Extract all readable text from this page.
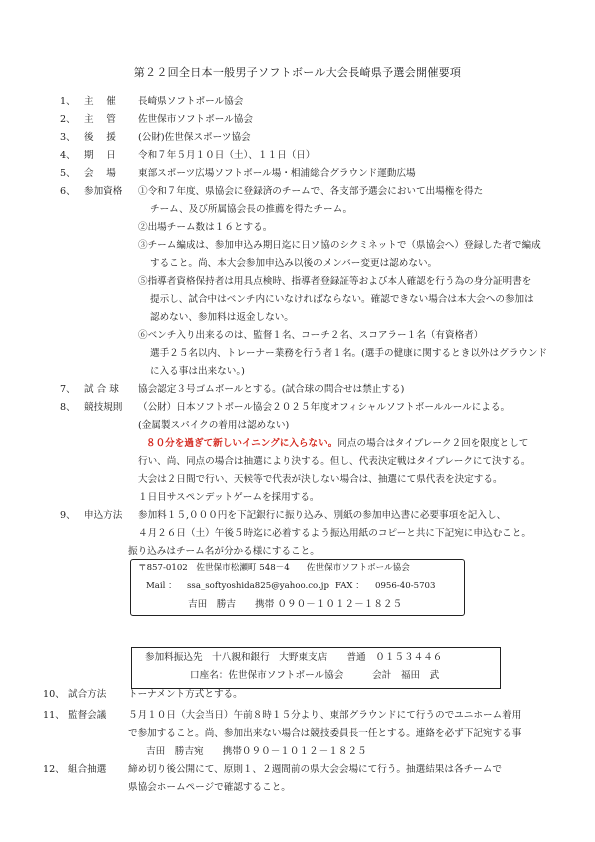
第２２回全日本一般男子ソフトボール大会長崎県予選会開催要項
1、 主　 催 長崎県ソフトボール協会
2、 主　 管 佐世保市ソフトボール協会
3、 後　 援 (公財)佐世保スポーツ協会
4、 期　 日 令和７年５月１０日（土）、１１日（日）
5、 会　 場 東部スポーツ広場ソフトボール場・相浦総合グラウンド運動広場
6、 参加資格 ①令和７年度、県協会に登録済のチームで、各支部予選会において出場権を得た
チーム、及び所属協会長の推薦を得たチーム。
②出場チーム数は１６とする。
③チーム編成は、参加申込み期日迄に日ソ協のシクミネットで（県協会へ）登録した者で編成
すること。尚、本大会参加申込み以後のメンバー変更は認めない。
⑤指導者資格保持者は用具点検時、指導者登録証等および本人確認を行う為の身分証明書を
提示し、試合中はベンチ内にいなければならない。確認できない場合は本大会への参加は
認めない、参加料は返金しない。
⑥ベンチ入り出来るのは、監督１名、コーチ２名、スコアラー１名（有資格者）
選手２５名以内、トレーナー業務を行う者１名。(選手の健康に関するとき以外はグラウンド
に入る事は出来ない。)
7、 試 合 球 協会認定３号ゴムボールとする。(試合球の問合せは禁止する)
8、 競技規則 （公財）日本ソフトボール協会２０２５年度オフィシャルソフトボールルールによる。
(金属製スパイクの着用は認めない)
８０分を過ぎて新しいイニングに入らない。同点の場合はタイブレーク２回を限度として
行い、尚、同点の場合は抽選により決する。但し、代表決定戦はタイブレークにて決する。
大会は２日間で行い、天候等で代表が決しない場合は、抽選にて県代表を決定する。
１日目サスペンデットゲームを採用する。
9、 申込方法 参加料１５,０００円を下記銀行に振り込み、別紙の参加申込書に必要事項を記入し、
４月２６日（土）午後５時迄に必着するよう振込用紙のコピーと共に下記宛に申込むこと。
振り込みはチーム名が分かる様にすること。
〒857-0102　佐世保市松瀬町 548－4　　佐世保市ソフトボール協会
Mail ： ssa_softyoshida825@yahoo.co.jp FAX ： 0956-40-5703
吉田　勝吉　　携帯 ０９０－１０１２－１８２５
参加料振込先　十八親和銀行　大野東支店　　普通　０１５３４４６
口座名：佐世保市ソフトボール協会　　　会計　福田　武
10、 試合方法 トーナメント方式とする。
11、 監督会議 ５月１０日（大会当日）午前８時１５分より、東部グラウンドにて行うのでユニホーム着用
で参加すること。尚、参加出来ない場合は競技委員長一任とする。連絡を必ず下記宛する事
吉田　勝吉宛　　携帯０９０－１０１２－１８２５
12、 組合抽選 締め切り後公開にて、原則１、２週間前の県大会会場にて行う。抽選結果は各チームで
県協会ホームページで確認すること。
